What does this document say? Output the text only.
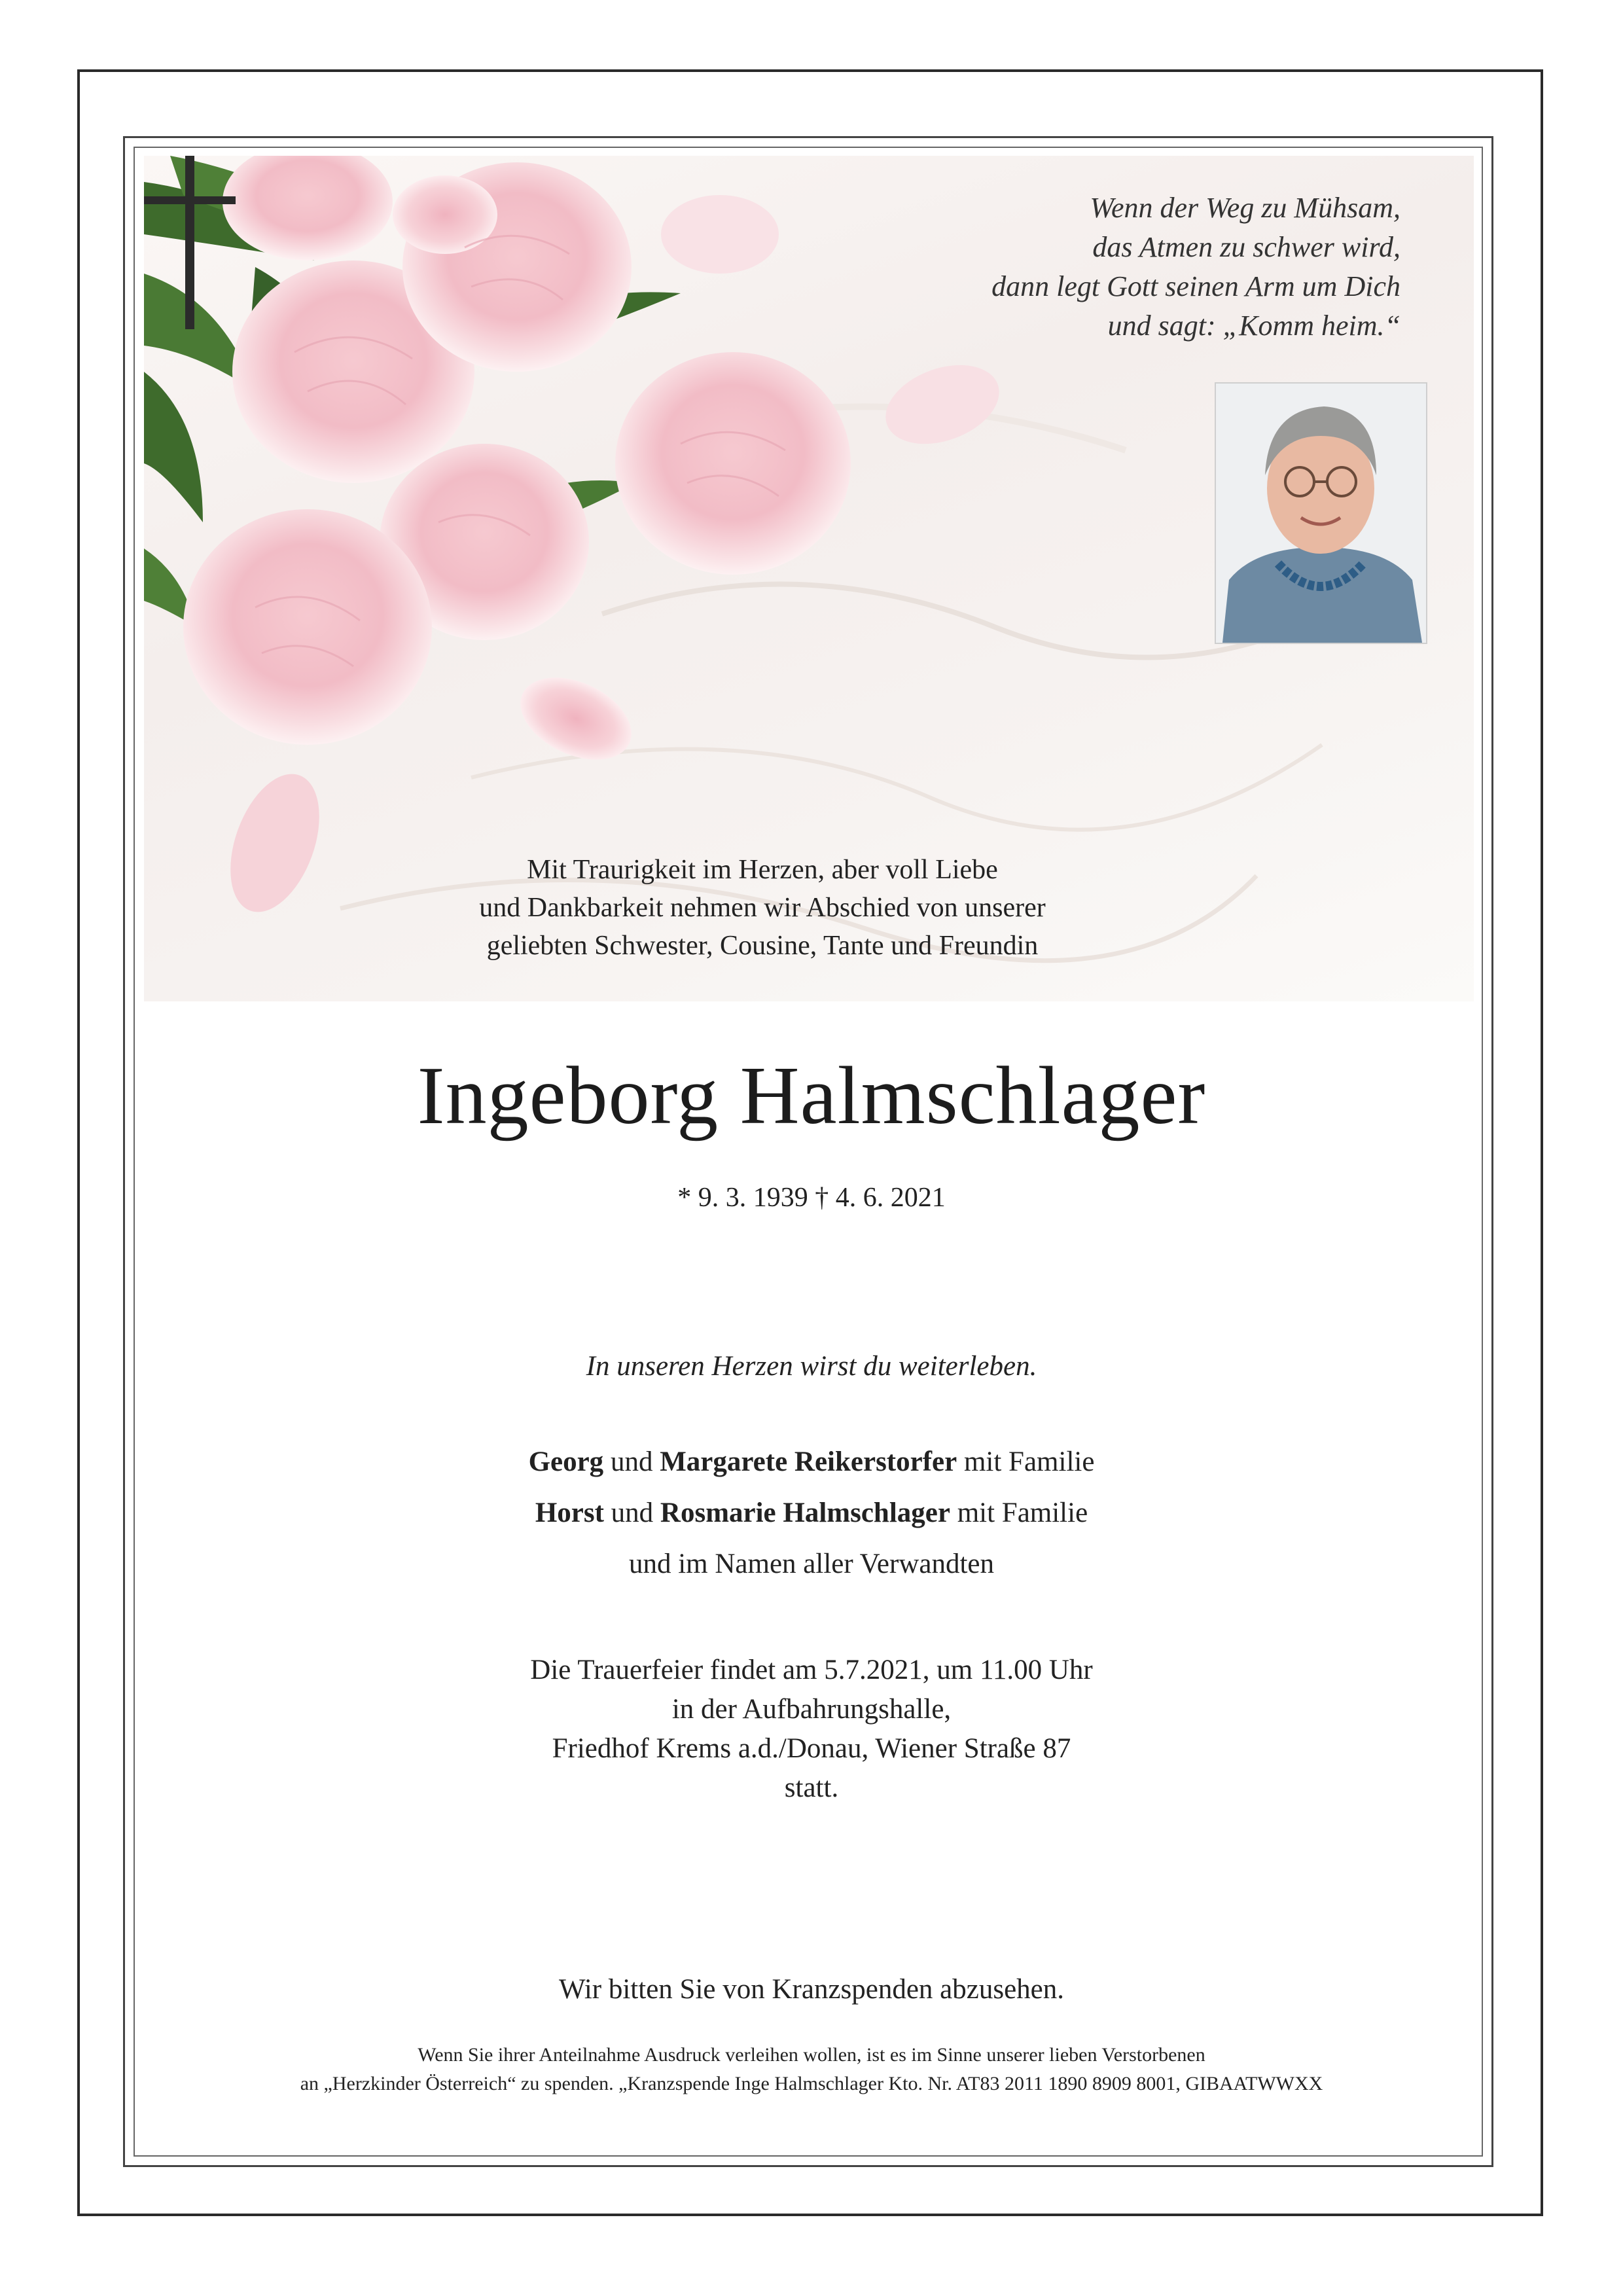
Wenn der Weg zu Mühsam,
das Atmen zu schwer wird,
dann legt Gott seinen Arm um Dich
und sagt: „Komm heim.“
Mit Traurigkeit im Herzen, aber voll Liebe
und Dankbarkeit nehmen wir Abschied von unserer
geliebten Schwester, Cousine, Tante und Freundin
Ingeborg Halmschlager
* 9. 3. 1939 † 4. 6. 2021
In unseren Herzen wirst du weiterleben.
Georg und Margarete Reikerstorfer mit Familie
Horst und Rosmarie Halmschlager mit Familie
und im Namen aller Verwandten
Die Trauerfeier findet am 5.7.2021, um 11.00 Uhr
in der Aufbahrungshalle,
Friedhof Krems a.d./Donau, Wiener Straße 87
statt.
Wir bitten Sie von Kranzspenden abzusehen.
Wenn Sie ihrer Anteilnahme Ausdruck verleihen wollen, ist es im Sinne unserer lieben Verstorbenen
an „Herzkinder Österreich“ zu spenden. „Kranzspende Inge Halmschlager Kto. Nr. AT83 2011 1890 8909 8001, GIBAATWWXX
